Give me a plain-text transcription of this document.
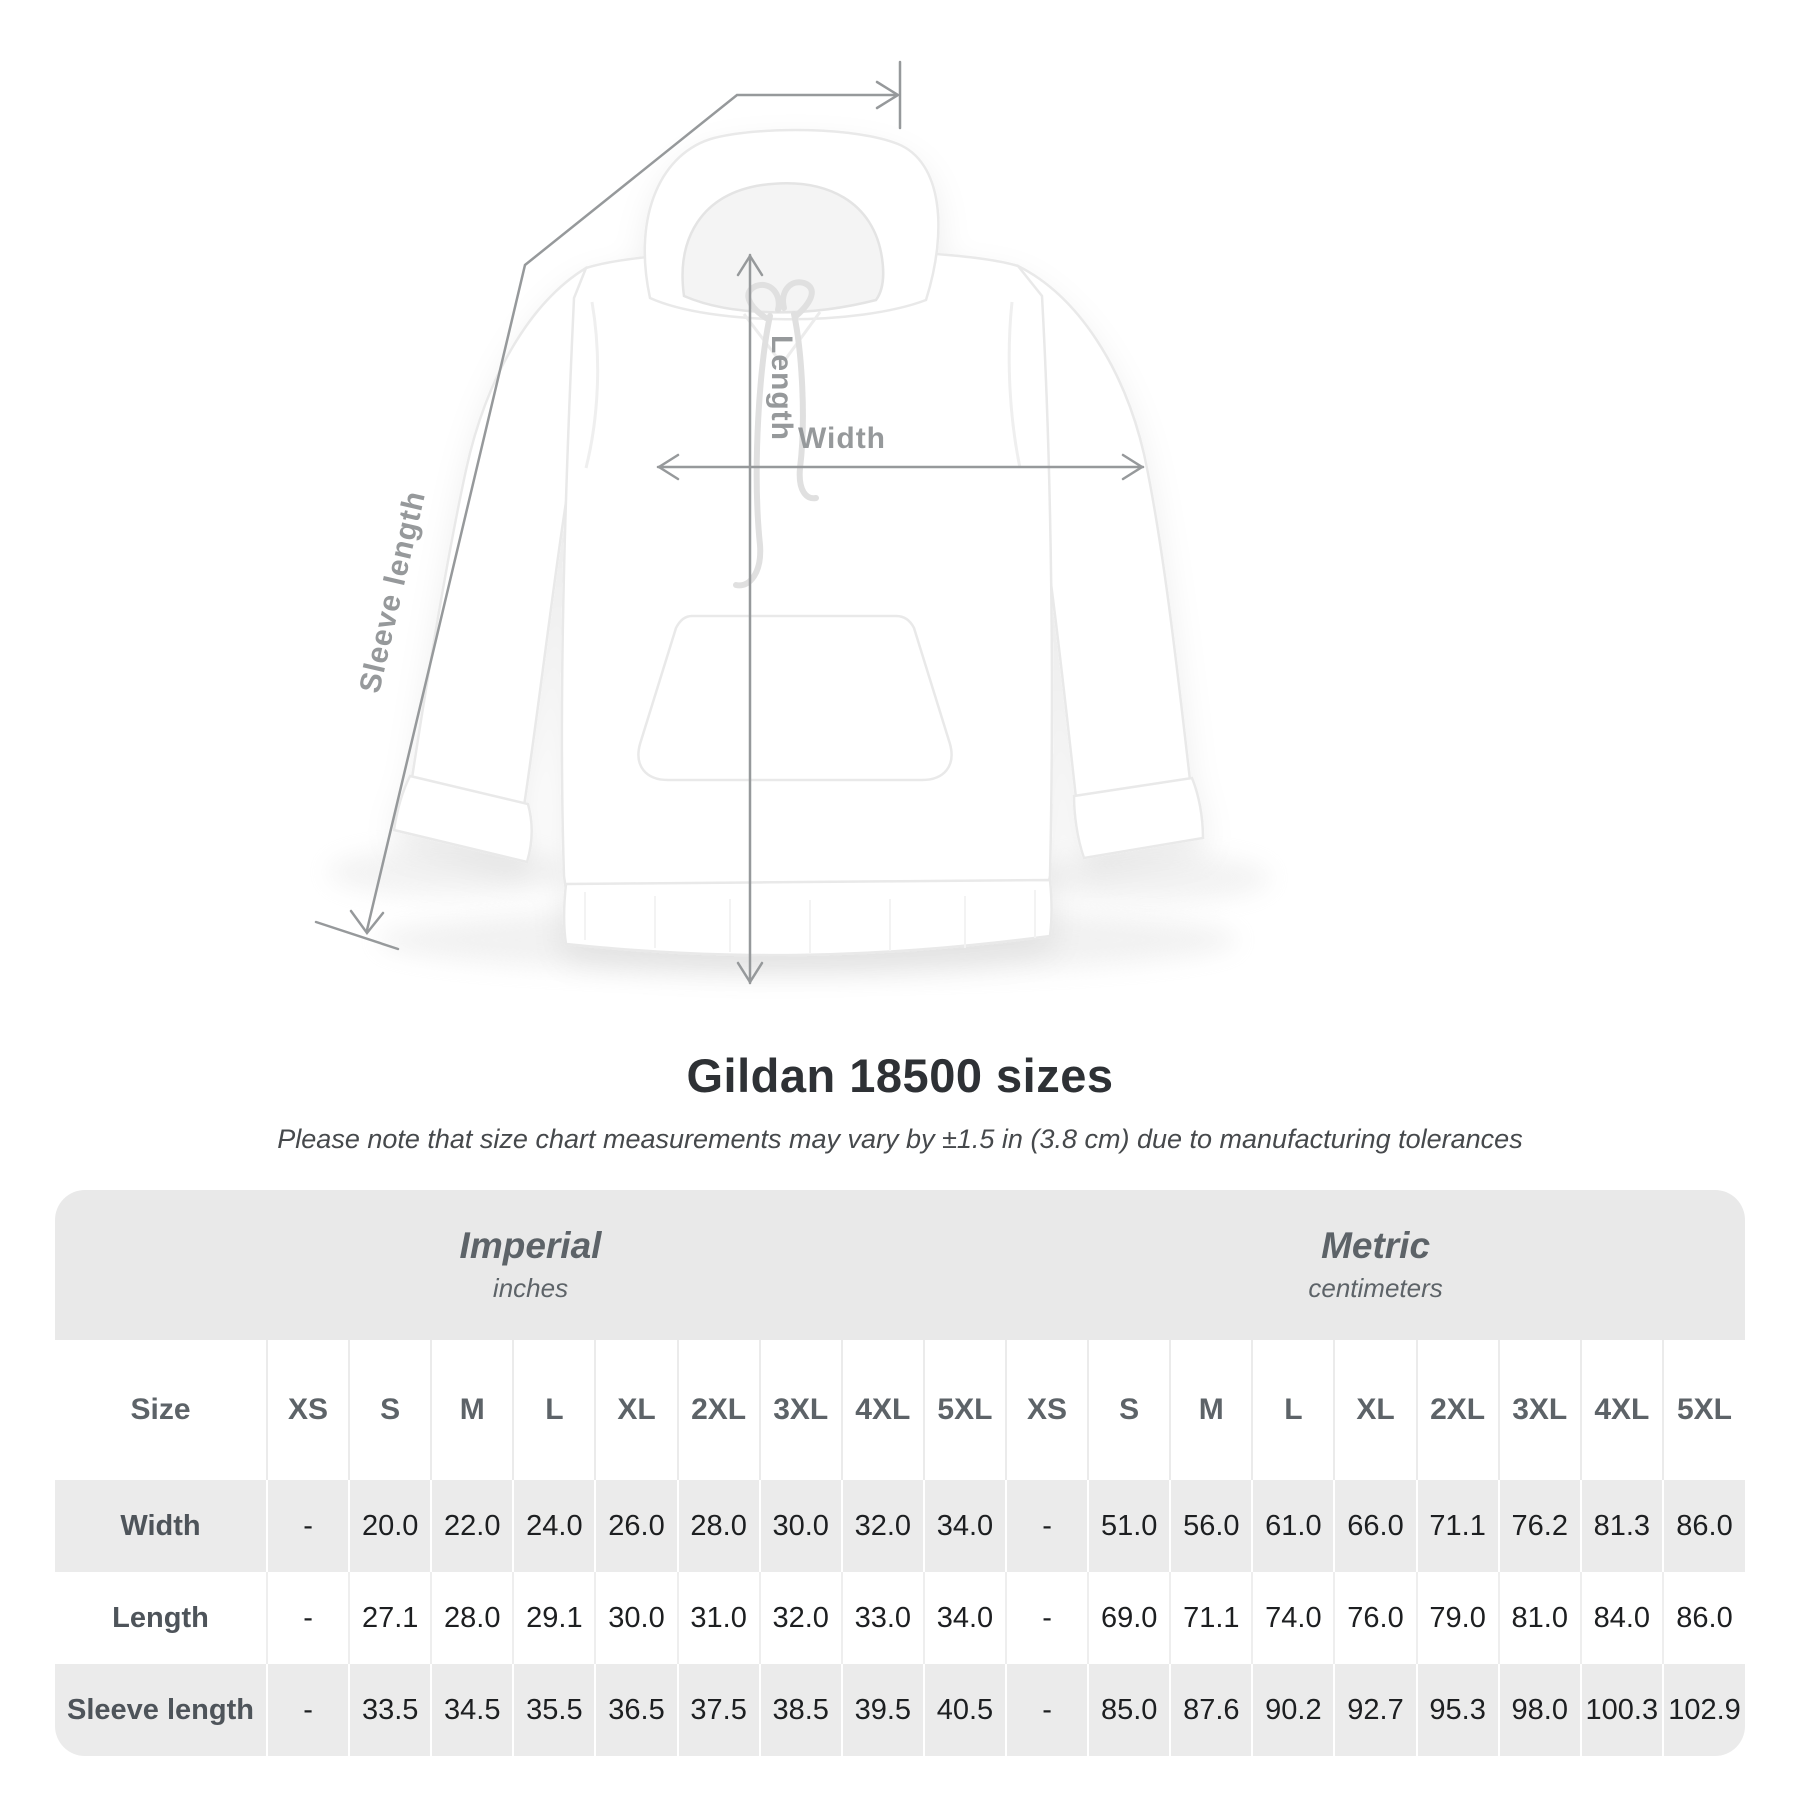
Length Width
Sleeve length
Gildan 18500 sizes
Please note that size chart measurements may vary by ±1.5 in (3.8 cm) due to manufacturing tolerances
Imperial
inches

Metric
centimeters

Size	XS	S	M	L	XL	2XL	3XL	4XL	5XL	XS	S	M	L	XL	2XL	3XL	4XL	5XL
Width	-	20.0	22.0	24.0	26.0	28.0	30.0	32.0	34.0	-	51.0	56.0	61.0	66.0	71.1	76.2	81.3	86.0
Length	-	27.1	28.0	29.1	30.0	31.0	32.0	33.0	34.0	-	69.0	71.1	74.0	76.0	79.0	81.0	84.0	86.0
Sleeve length	-	33.5	34.5	35.5	36.5	37.5	38.5	39.5	40.5	-	85.0	87.6	90.2	92.7	95.3	98.0	100.3	102.9
